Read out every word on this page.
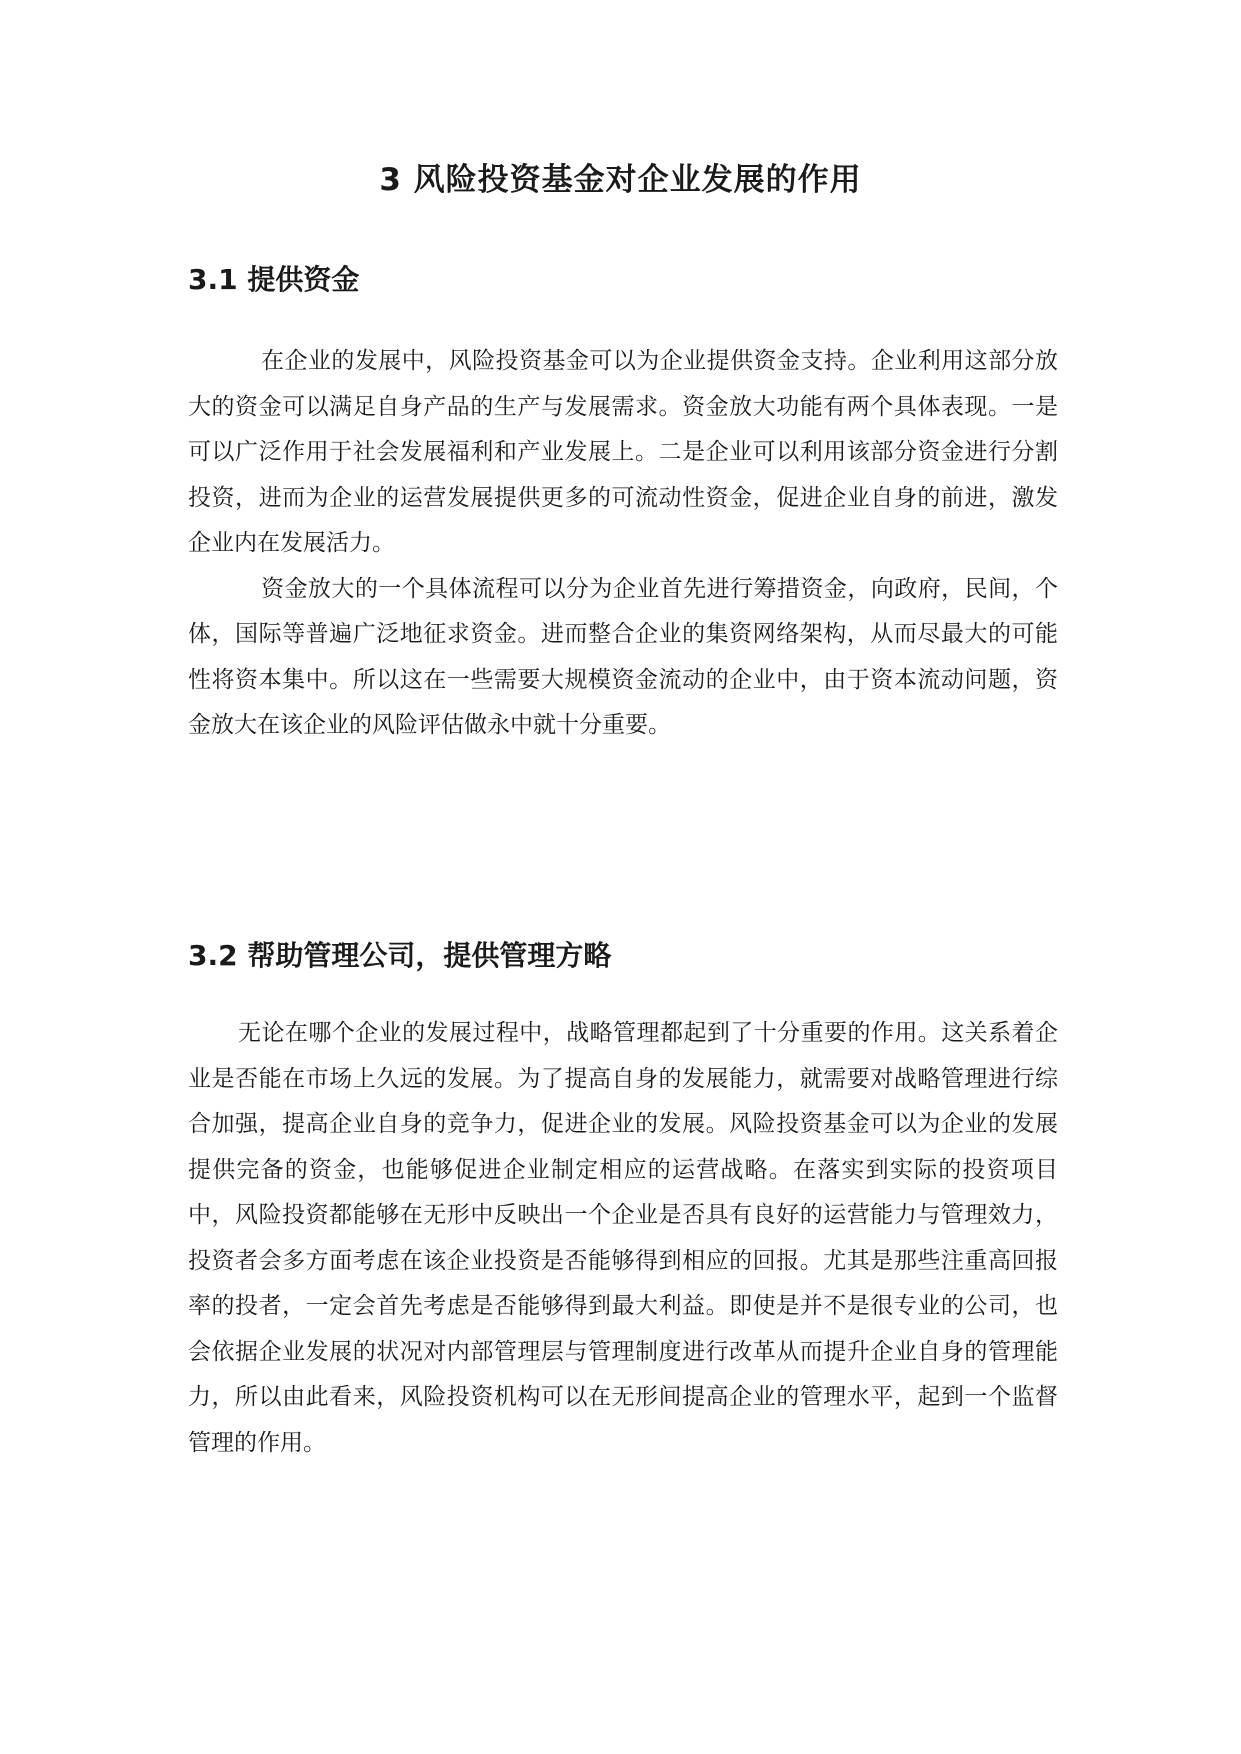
3 风险投资基金对企业发展的作用
3.1 提供资金

在企业的发展中，风险投资基金可以为企业提供资金支持。企业利用这部分放大的资金可以满足自身产品的生产与发展需求。资金放大功能有两个具体表现。一是可以广泛作用于社会发展福利和产业发展上。二是企业可以利用该部分资金进行分割投资，进而为企业的运营发展提供更多的可流动性资金，促进企业自身的前进，激发企业内在发展活力。

资金放大的一个具体流程可以分为企业首先进行筹措资金，向政府，民间，个体，国际等普遍广泛地征求资金。进而整合企业的集资网络架构，从而尽最大的可能性将资本集中。所以这在一些需要大规模资金流动的企业中，由于资本流动问题，资金放大在该企业的风险评估做永中就十分重要。

3.2 帮助管理公司，提供管理方略

无论在哪个企业的发展过程中，战略管理都起到了十分重要的作用。这关系着企业是否能在市场上久远的发展。为了提高自身的发展能力，就需要对战略管理进行综合加强，提高企业自身的竞争力，促进企业的发展。风险投资基金可以为企业的发展提供完备的资金，也能够促进企业制定相应的运营战略。在落实到实际的投资项目中，风险投资都能够在无形中反映出一个企业是否具有良好的运营能力与管理效力，投资者会多方面考虑在该企业投资是否能够得到相应的回报。尤其是那些注重高回报率的投者，一定会首先考虑是否能够得到最大利益。即使是并不是很专业的公司，也会依据企业发展的状况对内部管理层与管理制度进行改革从而提升企业自身的管理能力，所以由此看来，风险投资机构可以在无形间提高企业的管理水平，起到一个监督管理的作用。
